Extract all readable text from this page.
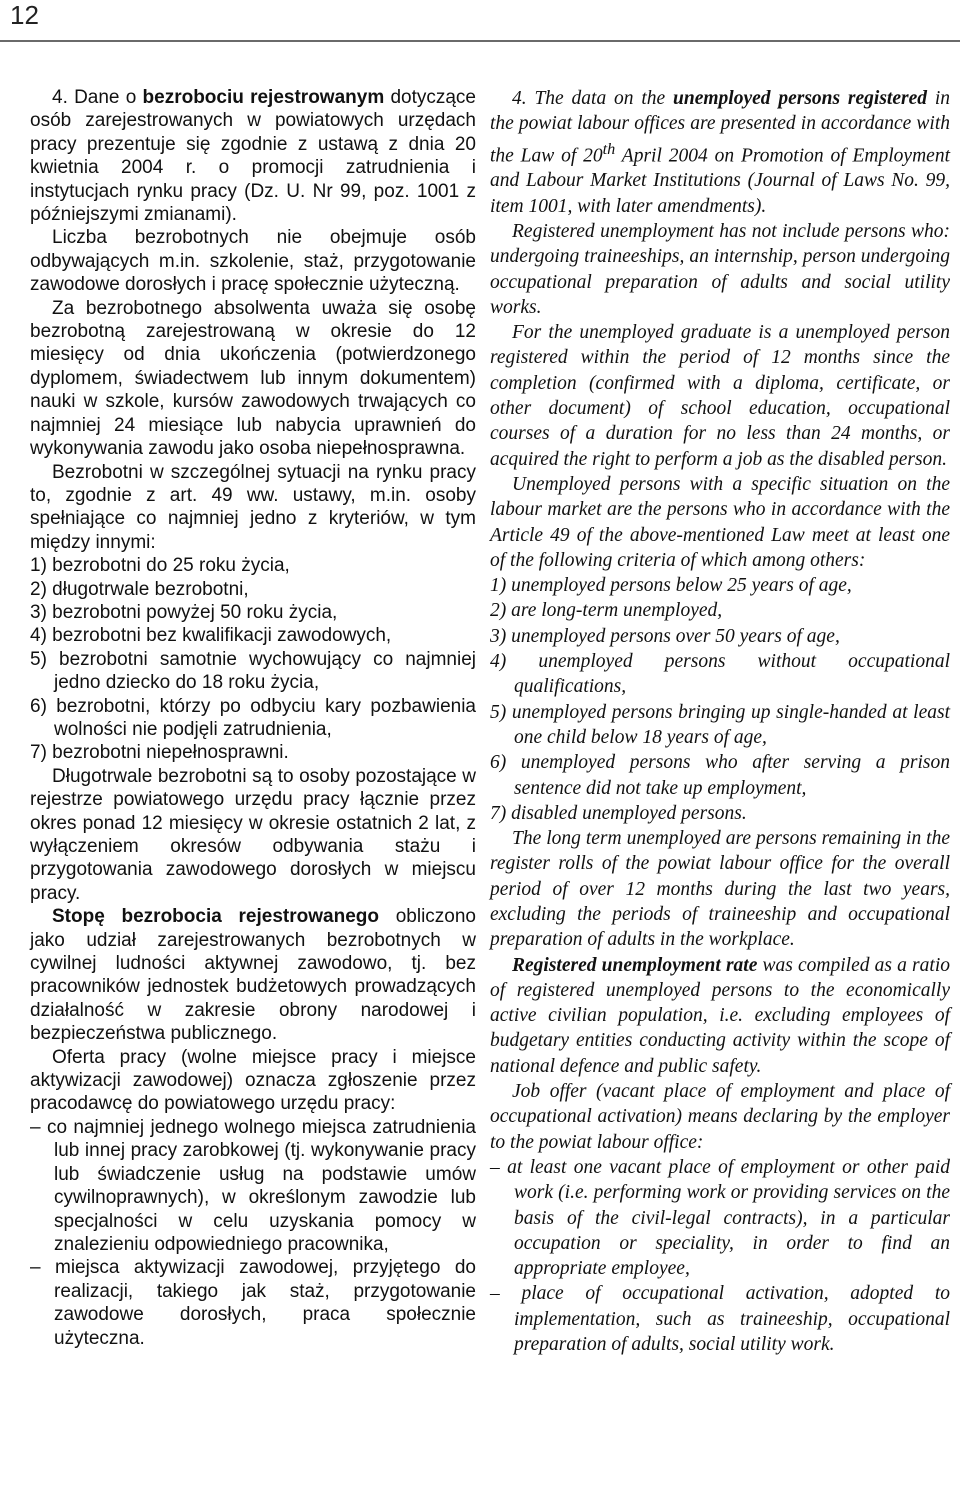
12

4. Dane o bezrobociu rejestrowanym dotyczące osób zarejestrowanych w powiatowych urzędach pracy prezentuje się zgodnie z ustawą z dnia 20 kwietnia 2004 r. o promocji zatrudnienia i instytucjach rynku pracy (Dz. U. Nr 99, poz. 1001 z późniejszymi zmianami).

Liczba bezrobotnych nie obejmuje osób odbywających m.in. szkolenie, staż, przygotowanie zawodowe dorosłych i pracę społecznie użyteczną.

Za bezrobotnego absolwenta uważa się osobę bezrobotną zarejestrowaną w okresie do 12 miesięcy od dnia ukończenia (potwierdzonego dyplomem, świadectwem lub innym dokumentem) nauki w szkole, kursów zawodowych trwających co najmniej 24 miesiące lub nabycia uprawnień do wykonywania zawodu jako osoba niepełnosprawna.

Bezrobotni w szczególnej sytuacji na rynku pracy to, zgodnie z art. 49 ww. ustawy, m.in. osoby spełniające co najmniej jedno z kryteriów, w tym między innymi:

1) bezrobotni do 25 roku życia,

2) długotrwale bezrobotni,

3) bezrobotni powyżej 50 roku życia,

4) bezrobotni bez kwalifikacji zawodowych,

5) bezrobotni samotnie wychowujący co najmniej jedno dziecko do 18 roku życia,

6) bezrobotni, którzy po odbyciu kary pozbawienia wolności nie podjęli zatrudnienia,

7) bezrobotni niepełnosprawni.

Długotrwale bezrobotni są to osoby pozostające w rejestrze powiatowego urzędu pracy łącznie przez okres ponad 12 miesięcy w okresie ostatnich 2 lat, z wyłączeniem okresów odbywania stażu i przygotowania zawodowego dorosłych w miejscu pracy.

Stopę bezrobocia rejestrowanego obliczono jako udział zarejestrowanych bezrobotnych w cywilnej ludności aktywnej zawodowo, tj. bez pracowników jednostek budżetowych prowadzących działalność w zakresie obrony narodowej i bezpieczeństwa publicznego.

Oferta pracy (wolne miejsce pracy i miejsce aktywizacji zawodowej) oznacza zgłoszenie przez pracodawcę do powiatowego urzędu pracy:

– co najmniej jednego wolnego miejsca zatrudnienia lub innej pracy zarobkowej (tj. wykonywanie pracy lub świadczenie usług na podstawie umów cywilnoprawnych), w określonym zawodzie lub specjalności w celu uzyskania pomocy w znalezieniu odpowiedniego pracownika,

– miejsca aktywizacji zawodowej, przyjętego do realizacji, takiego jak staż, przygotowanie zawodowe dorosłych, praca społecznie użyteczna.

4. The data on the unemployed persons registered in the powiat labour offices are presented in accordance with the Law of 20th April 2004 on Promotion of Employment and Labour Market Institutions (Journal of Laws No. 99, item 1001, with later amendments).

Registered unemployment has not include persons who: undergoing traineeships, an internship, person undergoing occupational preparation of adults and social utility works.

For the unemployed graduate is a unemployed person registered within the period of 12 months since the completion (confirmed with a diploma, certificate, or other document) of school education, occupational courses of a duration for no less than 24 months, or acquired the right to perform a job as the disabled person.

Unemployed persons with a specific situation on the labour market are the persons who in accordance with the Article 49 of the above-mentioned Law meet at least one of the following criteria of which among others:

1) unemployed persons below 25 years of age,

2) are long-term unemployed,

3) unemployed persons over 50 years of age,

4) unemployed persons without occupational qualifications,

5) unemployed persons bringing up single-handed at least one child below 18 years of age,

6) unemployed persons who after serving a prison sentence did not take up employment,

7) disabled unemployed persons.

The long term unemployed are persons remaining in the register rolls of the powiat labour office for the overall period of over 12 months during the last two years, excluding the periods of traineeship and occupational preparation of adults in the workplace.

Registered unemployment rate was compiled as a ratio of registered unemployed persons to the economically active civilian population, i.e. excluding employees of budgetary entities conducting activity within the scope of national defence and public safety.

Job offer (vacant place of employment and place of occupational activation) means declaring by the employer to the powiat labour office:

– at least one vacant place of employment or other paid work (i.e. performing work or providing services on the basis of the civil-legal contracts), in a particular occupation or speciality, in order to find an appropriate employee,

– place of occupational activation, adopted to implementation, such as traineeship, occupational preparation of adults, social utility work.
